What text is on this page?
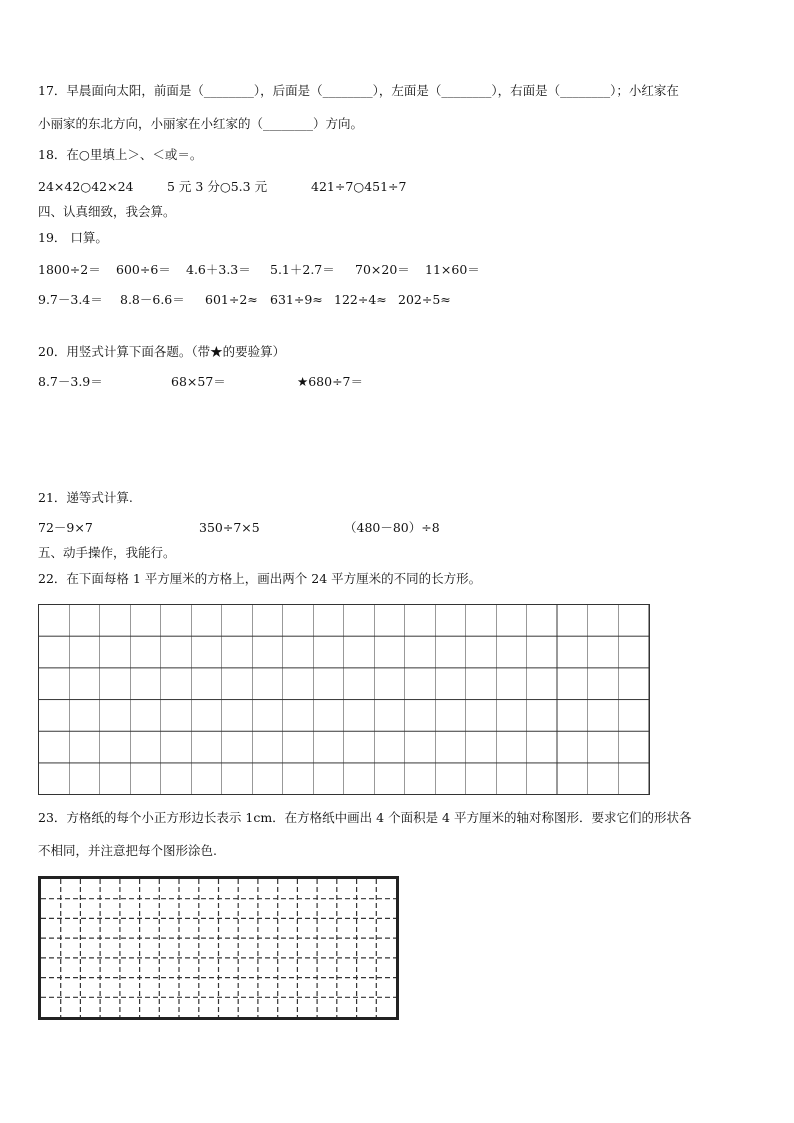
17．早晨面向太阳，前面是（________），后面是（________），左面是（________），右面是（________）；小红家在
小丽家的东北方向，小丽家在小红家的（________）方向。
18．在○里填上＞、＜或＝。
24×42○42×24	5 元 3 分○5.3 元	421÷7○451÷7
四、认真细致，我会算。
19． 口算。
1800÷2＝ 600÷6＝ 4.6＋3.3＝ 5.1＋2.7＝ 70×20＝ 11×60＝
9.7－3.4＝ 8.8－6.6＝ 601÷2≈ 631÷9≈ 122÷4≈ 202÷5≈
20．用竖式计算下面各题。（带★的要验算）
8.7－3.9＝	68×57＝	★680÷7＝
21．递等式计算.
72－9×7	350÷7×5	（480－80）÷8
五、动手操作，我能行。
22．在下面每格 1 平方厘米的方格上，画出两个 24 平方厘米的不同的长方形。
23．方格纸的每个小正方形边长表示 1cm．在方格纸中画出 4 个面积是 4 平方厘米的轴对称图形．要求它们的形状各
不相同，并注意把每个图形涂色.
